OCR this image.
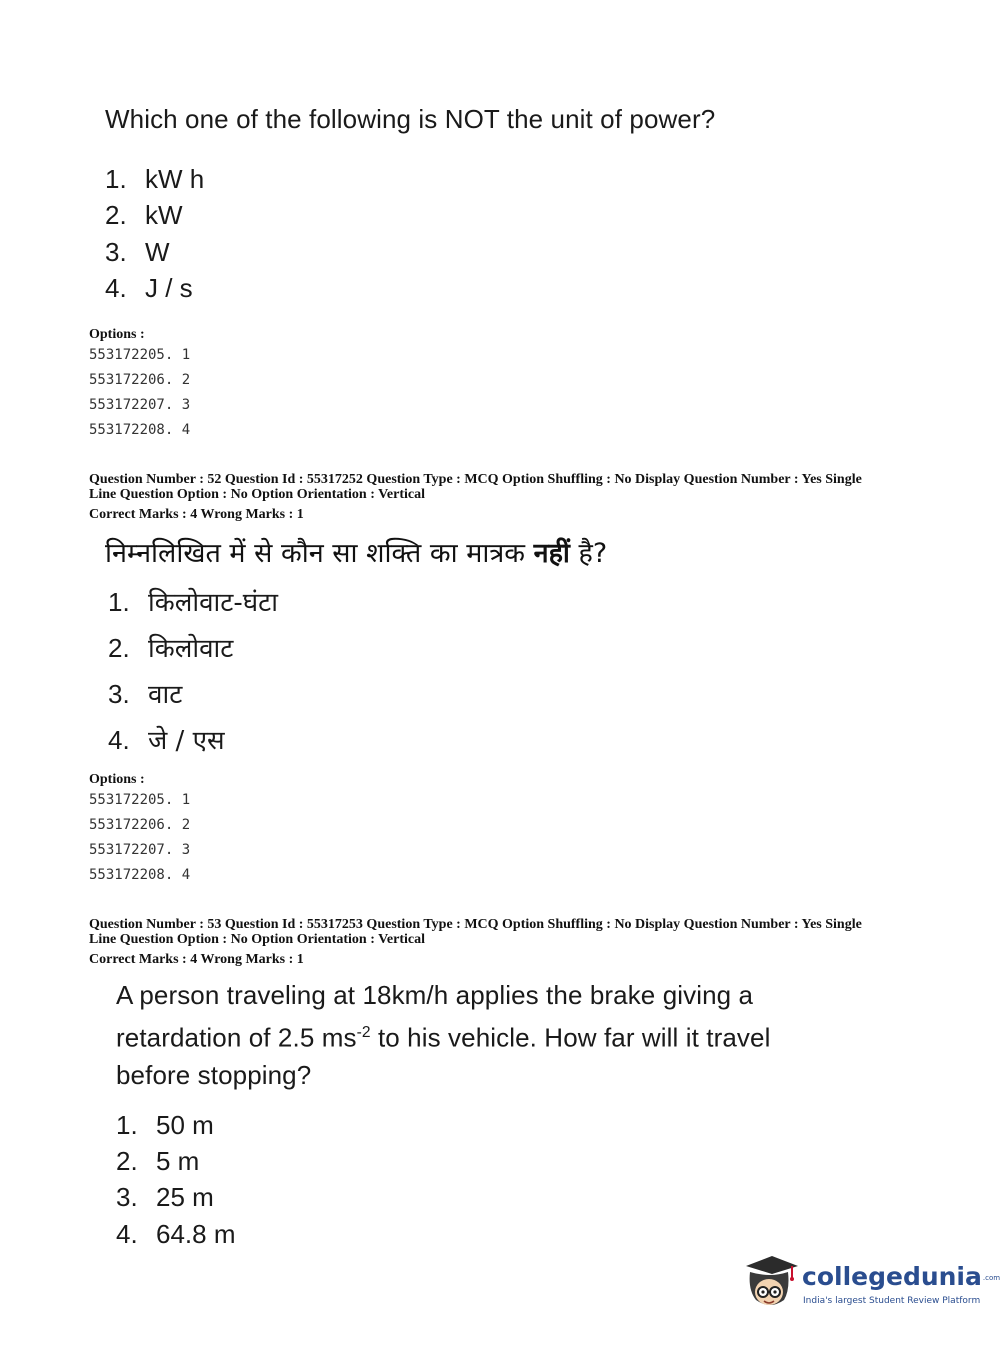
Which one of the following is NOT the unit of power?
1. kW h
2. kW
3. W
4. J / s
Options :
553172205. 1
553172206. 2
553172207. 3
553172208. 4
Question Number : 52 Question Id : 55317252 Question Type : MCQ Option Shuffling : No Display Question Number : Yes Single
Line Question Option : No Option Orientation : Vertical
Correct Marks : 4 Wrong Marks : 1
निम्नलिखित में से कौन सा शक्ति का मात्रक नहीं है?
1. किलोवाट-घंटा
2. किलोवाट
3. वाट
4. जे / एस
Options :
553172205. 1
553172206. 2
553172207. 3
553172208. 4
Question Number : 53 Question Id : 55317253 Question Type : MCQ Option Shuffling : No Display Question Number : Yes Single
Line Question Option : No Option Orientation : Vertical
Correct Marks : 4 Wrong Marks : 1
A person traveling at 18km/h applies the brake giving a
retardation of 2.5 $ms^{-2}$ to his vehicle. How far will it travel
before stopping?
1. 50 m
2. 5 m
3. 25 m
4. 64.8 m
collegedunia.com
India's largest Student Review Platform
